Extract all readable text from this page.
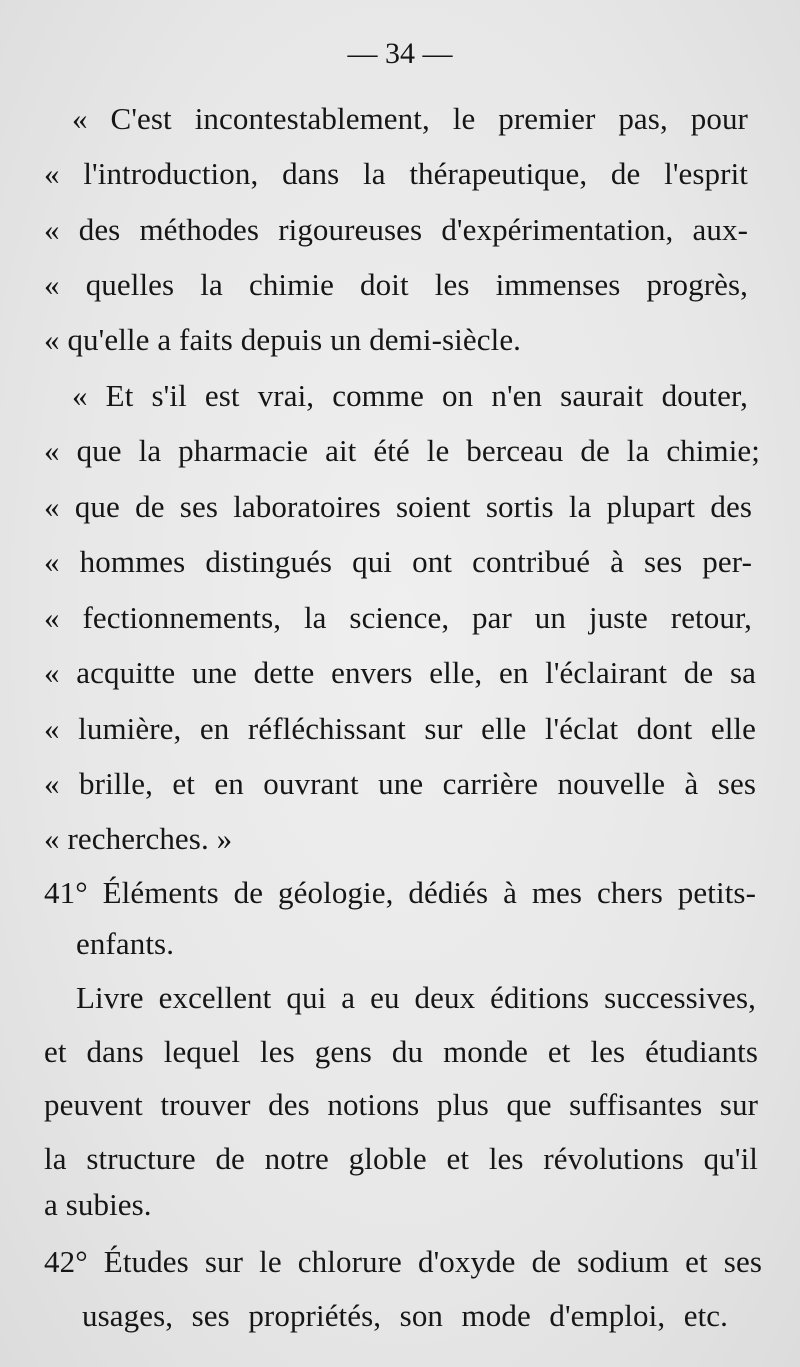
— 34 —
« C'est incontestablement, le premier pas, pour
« l'introduction, dans la thérapeutique, de l'esprit
« des méthodes rigoureuses d'expérimentation, aux-
« quelles la chimie doit les immenses progrès,
« qu'elle a faits depuis un demi-siècle.
« Et s'il est vrai, comme on n'en saurait douter,
« que la pharmacie ait été le berceau de la chimie;
« que de ses laboratoires soient sortis la plupart des
« hommes distingués qui ont contribué à ses per-
« fectionnements, la science, par un juste retour,
« acquitte une dette envers elle, en l'éclairant de sa
« lumière, en réfléchissant sur elle l'éclat dont elle
« brille, et en ouvrant une carrière nouvelle à ses
« recherches. »
41° Éléments de géologie, dédiés à mes chers petits-
enfants.
Livre excellent qui a eu deux éditions successives,
et dans lequel les gens du monde et les étudiants
peuvent trouver des notions plus que suffisantes sur
la structure de notre globle et les révolutions qu'il
a subies.
42° Études sur le chlorure d'oxyde de sodium et ses
usages, ses propriétés, son mode d'emploi, etc.
